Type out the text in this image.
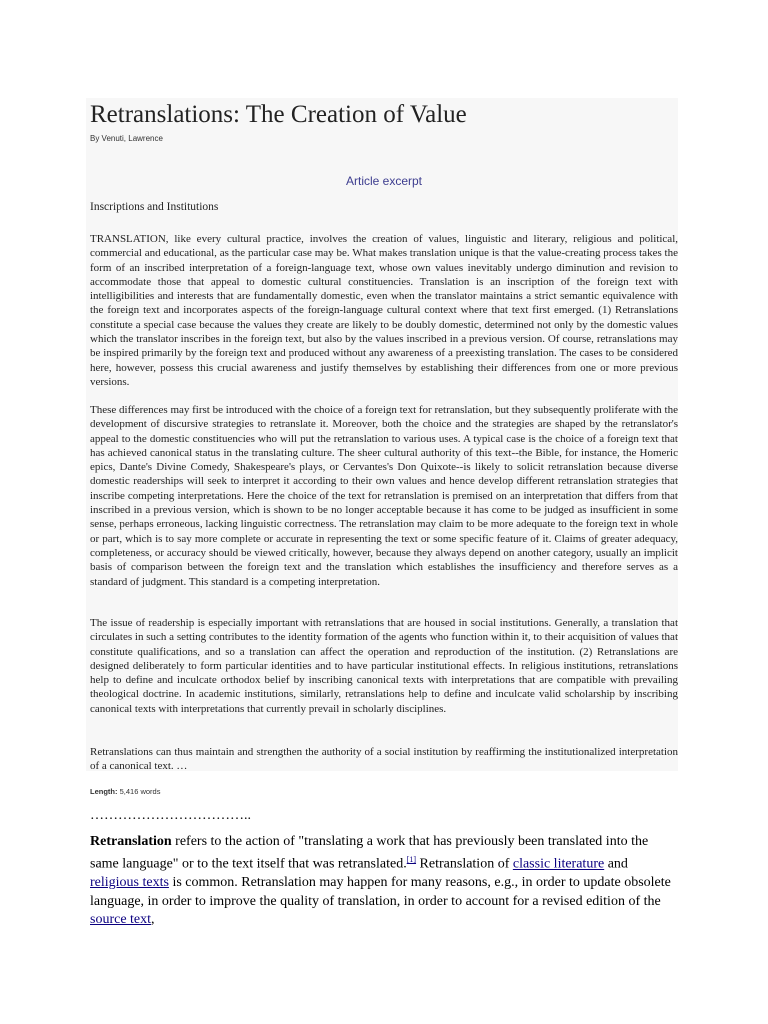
Retranslations: The Creation of Value
By Venuti, Lawrence
Article excerpt
Inscriptions and Institutions

TRANSLATION, like every cultural practice, involves the creation of values, linguistic and literary, religious and political, commercial and educational, as the particular case may be. What makes translation unique is that the value-creating process takes the form of an inscribed interpretation of a foreign-language text, whose own values inevitably undergo diminution and revision to accommodate those that appeal to domestic cultural constituencies. Translation is an inscription of the foreign text with intelligibilities and interests that are fundamentally domestic, even when the translator maintains a strict semantic equivalence with the foreign text and incorporates aspects of the foreign-language cultural context where that text first emerged. (1) Retranslations constitute a special case because the values they create are likely to be doubly domestic, determined not only by the domestic values which the translator inscribes in the foreign text, but also by the values inscribed in a previous version. Of course, retranslations may be inspired primarily by the foreign text and produced without any awareness of a preexisting translation. The cases to be considered here, however, possess this crucial awareness and justify themselves by establishing their differences from one or more previous versions.

These differences may first be introduced with the choice of a foreign text for retranslation, but they subsequently proliferate with the development of discursive strategies to retranslate it. Moreover, both the choice and the strategies are shaped by the retranslator's appeal to the domestic constituencies who will put the retranslation to various uses. A typical case is the choice of a foreign text that has achieved canonical status in the translating culture. The sheer cultural authority of this text--the Bible, for instance, the Homeric epics, Dante's Divine Comedy, Shakespeare's plays, or Cervantes's Don Quixote--is likely to solicit retranslation because diverse domestic readerships will seek to interpret it according to their own values and hence develop different retranslation strategies that inscribe competing interpretations. Here the choice of the text for retranslation is premised on an interpretation that differs from that inscribed in a previous version, which is shown to be no longer acceptable because it has come to be judged as insufficient in some sense, perhaps erroneous, lacking linguistic correctness. The retranslation may claim to be more adequate to the foreign text in whole or part, which is to say more complete or accurate in representing the text or some specific feature of it. Claims of greater adequacy, completeness, or accuracy should be viewed critically, however, because they always depend on another category, usually an implicit basis of comparison between the foreign text and the translation which establishes the insufficiency and therefore serves as a standard of judgment. This standard is a competing interpretation.

The issue of readership is especially important with retranslations that are housed in social institutions. Generally, a translation that circulates in such a setting contributes to the identity formation of the agents who function within it, to their acquisition of values that constitute qualifications, and so a translation can affect the operation and reproduction of the institution. (2) Retranslations are designed deliberately to form particular identities and to have particular institutional effects. In religious institutions, retranslations help to define and inculcate orthodox belief by inscribing canonical texts with interpretations that are compatible with prevailing theological doctrine. In academic institutions, similarly, retranslations help to define and inculcate valid scholarship by inscribing canonical texts with interpretations that currently prevail in scholarly disciplines.

Retranslations can thus maintain and strengthen the authority of a social institution by reaffirming the institutionalized interpretation of a canonical text. …

Length: 5,416 words
……………………………..

Retranslation refers to the action of "translating a work that has previously been translated into the same language" or to the text itself that was retranslated.[1] Retranslation of classic literature and religious texts is common. Retranslation may happen for many reasons, e.g., in order to update obsolete language, in order to improve the quality of translation, in order to account for a revised edition of the source text,
